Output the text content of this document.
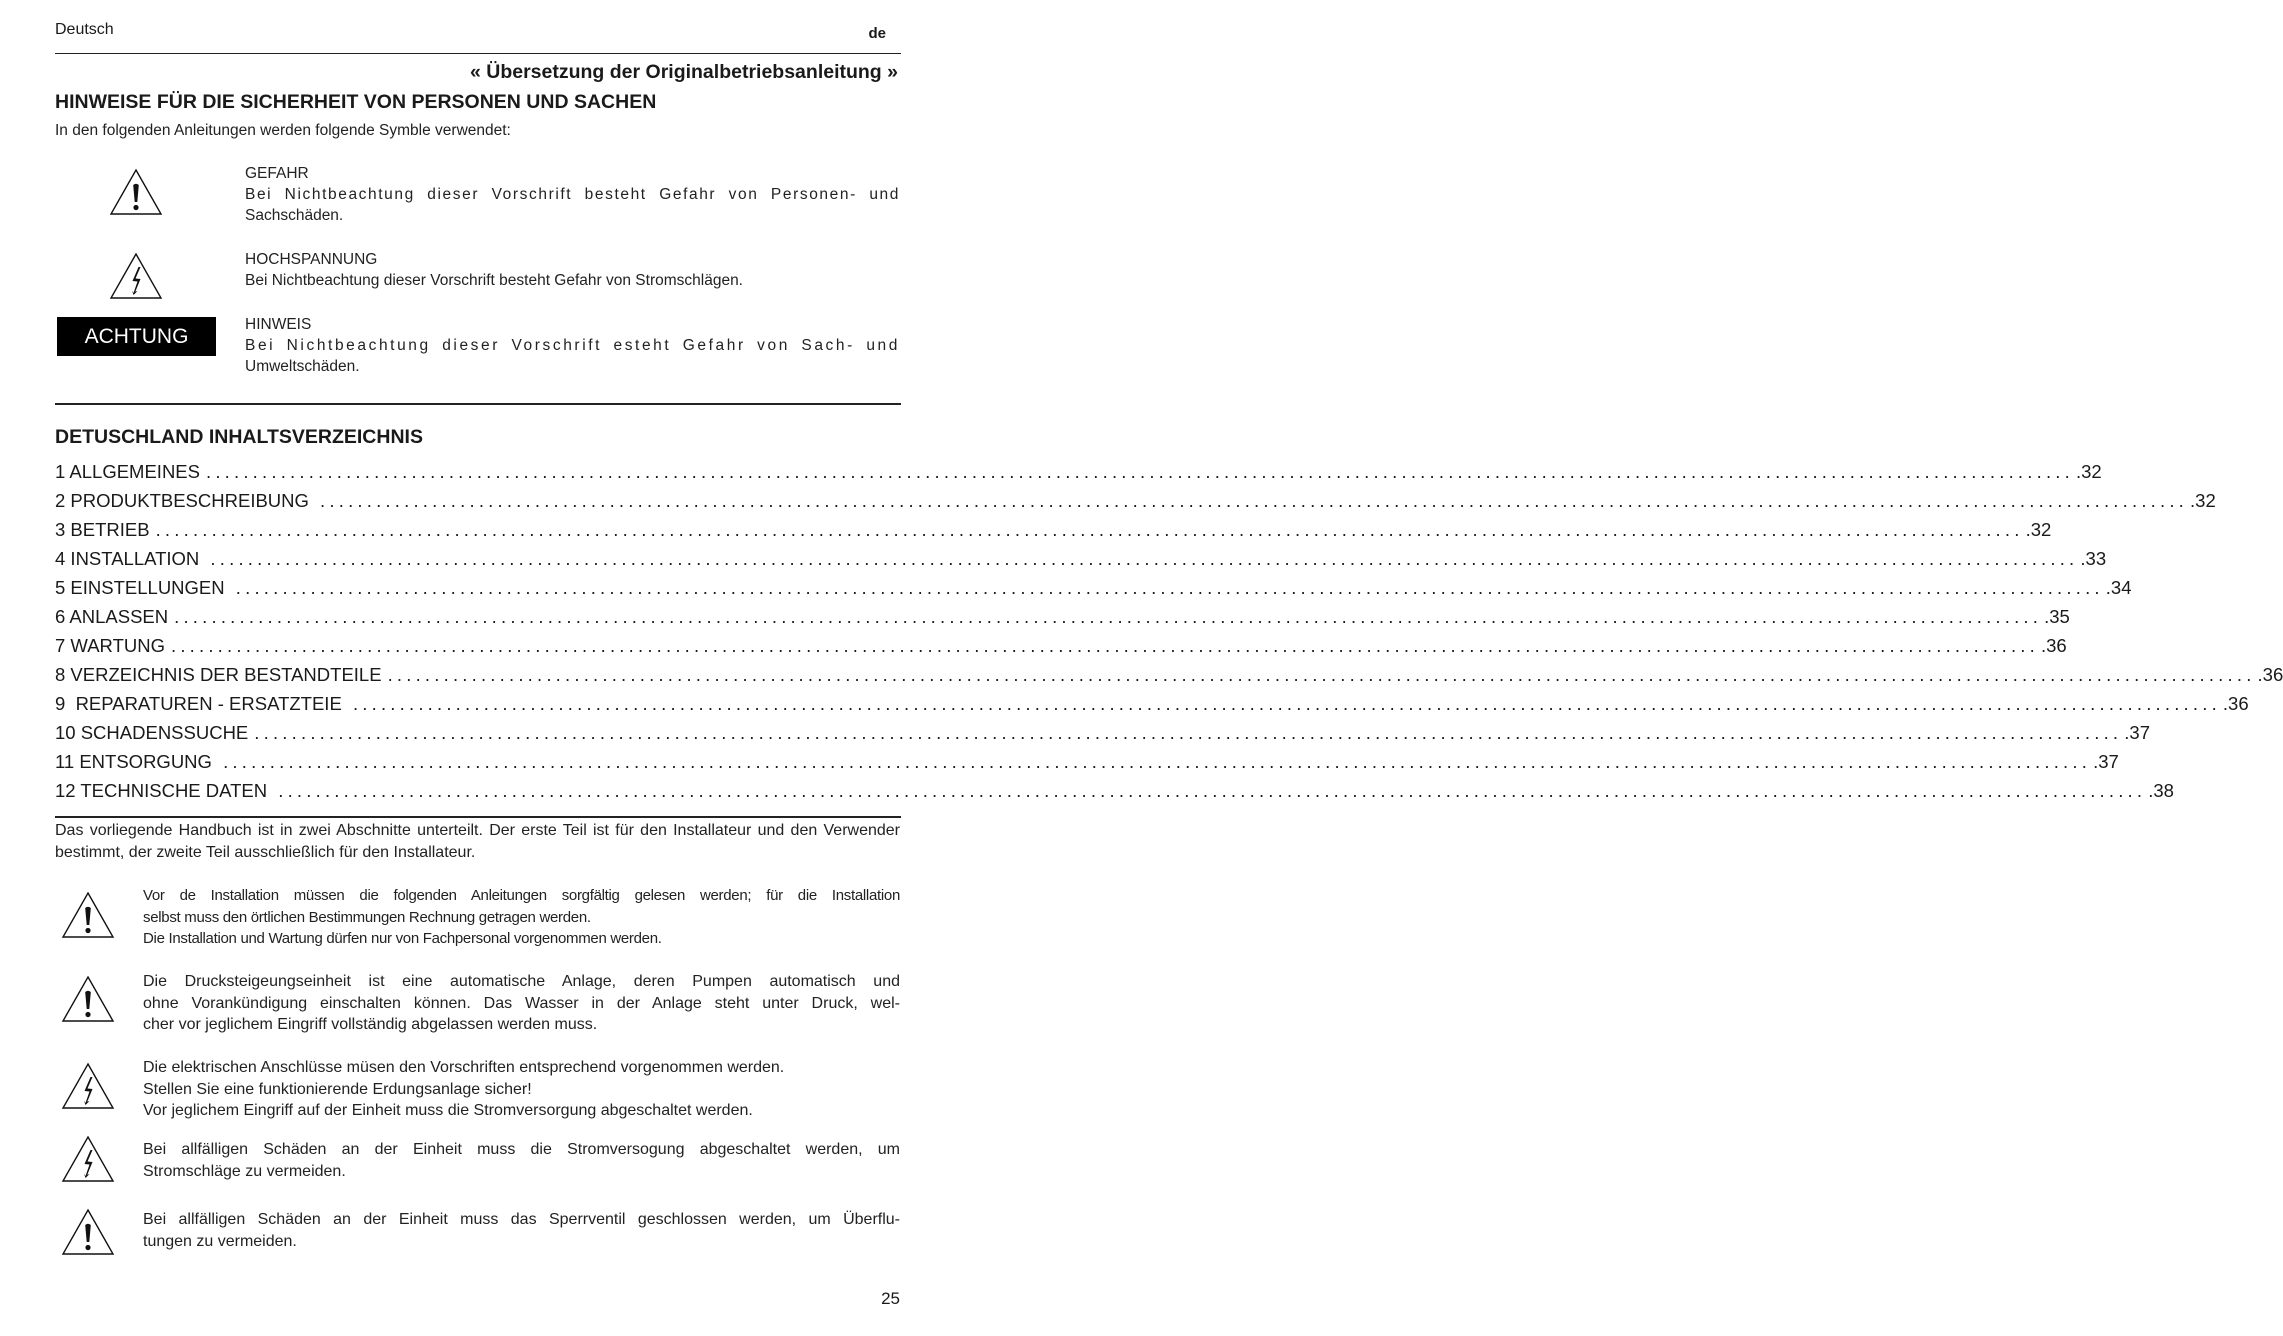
Deutsch	de
« Übersetzung der Originalbetriebsanleitung »
HINWEISE FÜR DIE SICHERHEIT VON PERSONEN UND SACHEN
In den folgenden Anleitungen werden folgende Symble verwendet:
GEFAHR
Bei Nichtbeachtung dieser Vorschrift besteht Gefahr von Personen- und
Sachschäden.
HOCHSPANNUNG
Bei Nichtbeachtung dieser Vorschrift besteht Gefahr von Stromschlägen.
ACHTUNG	HINWEIS
Bei Nichtbeachtung dieser Vorschrift esteht Gefahr von Sach- und
Umweltschäden.
DETUSCHLAND INHALTSVERZEICHNIS
1 ALLGEMEINES ........................................................................................................................................................................................................ .32
2 PRODUKTBESCHREIBUNG ........................................................................................................................................................................................................ .32
3 BETRIEB ........................................................................................................................................................................................................ .32
4 INSTALLATION ........................................................................................................................................................................................................ .33
5 EINSTELLUNGEN ........................................................................................................................................................................................................ .34
6 ANLASSEN ........................................................................................................................................................................................................ .35
7 WARTUNG ........................................................................................................................................................................................................ .36
8 VERZEICHNIS DER BESTANDTEILE ........................................................................................................................................................................................................ .36
9  REPARATUREN - ERSATZTEIE ........................................................................................................................................................................................................ .36
10 SCHADENSSUCHE ........................................................................................................................................................................................................ .37
11 ENTSORGUNG ........................................................................................................................................................................................................ .37
12 TECHNISCHE DATEN ........................................................................................................................................................................................................ .38
Das vorliegende Handbuch ist in zwei Abschnitte unterteilt. Der erste Teil ist für den Installateur und den Verwender bestimmt, der zweite Teil ausschließlich für den Installateur.
Vor de Installation müssen die folgenden Anleitungen sorgfältig gelesen werden; für die Installation
selbst muss den örtlichen Bestimmungen Rechnung getragen werden.
Die Installation und Wartung dürfen nur von Fachpersonal vorgenommen werden.
Die Drucksteigeungseinheit ist eine automatische Anlage, deren Pumpen automatisch und
ohne Vorankündigung einschalten können. Das Wasser in der Anlage steht unter Druck, wel-
cher vor jeglichem Eingriff vollständig abgelassen werden muss.
Die elektrischen Anschlüsse müsen den Vorschriften entsprechend vorgenommen werden.
Stellen Sie eine funktionierende Erdungsanlage sicher!
Vor jeglichem Eingriff auf der Einheit muss die Stromversorgung abgeschaltet werden.
Bei allfälligen Schäden an der Einheit muss die Stromversogung abgeschaltet werden, um
Stromschläge zu vermeiden.
Bei allfälligen Schäden an der Einheit muss das Sperrventil geschlossen werden, um Überflu-
tungen zu vermeiden.
25
